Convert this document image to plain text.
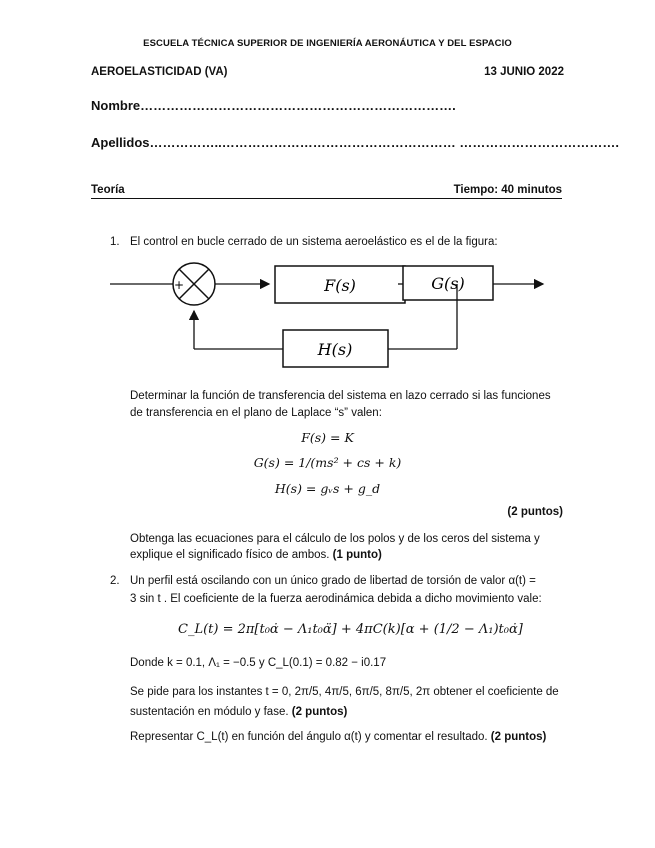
ESCUELA TÉCNICA SUPERIOR DE INGENIERÍA AERONÁUTICA Y DEL ESPACIO
AEROELASTICIDAD (VA)	13 JUNIO 2022
Nombre……………………………………………………………….
Apellidos……………..……………………………………………… ……………………………….
Teoría	Tiempo: 40 minutos
1. El control en bucle cerrado de un sistema aeroelástico es el de la figura:
+
-
F(s)	G(s)
H(s)
Determinar la función de transferencia del sistema en lazo cerrado si las funciones
de transferencia en el plano de Laplace “s” valen:
F(s) = K
G(s) = 1/(ms² + cs + k)
H(s) = gᵥs + g_d
(2 puntos)
Obtenga las ecuaciones para el cálculo de los polos y de los ceros del sistema y
explique el significado físico de ambos. (1 punto)
2. Un perfil está oscilando con un único grado de libertad de torsión de valor α(t) =
3 sin t . El coeficiente de la fuerza aerodinámica debida a dicho movimiento vale:
C_L(t) = 2π[t₀α̇ − Λ₁t₀α̈] + 4πC(k)[α + (1/2 − Λ₁)t₀α̇]
Donde k = 0.1, Λ₁ = −0.5 y C_L(0.1) = 0.82 − i0.17
Se pide para los instantes t = 0, 2π/5, 4π/5, 6π/5, 8π/5, 2π obtener el coeficiente de
sustentación en módulo y fase. (2 puntos)
Representar C_L(t) en función del ángulo α(t) y comentar el resultado. (2 puntos)
